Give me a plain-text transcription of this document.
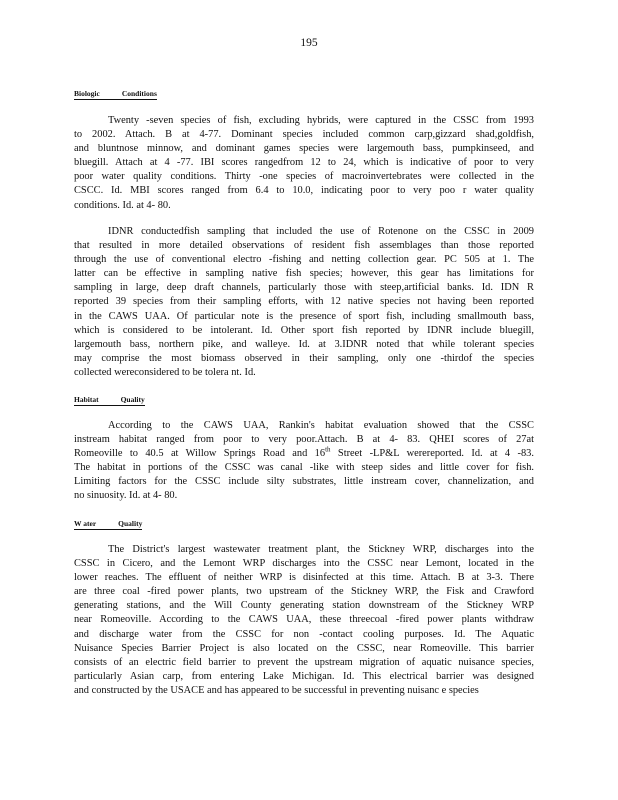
195
Biologic	Conditions

Twenty -seven species of fish, excluding hybrids, were captured in the CSSC from 1993
to 2002. Attach. B at 4-77. Dominant species included common carp,gizzard shad,goldfish,
and bluntnose minnow, and dominant games species were largemouth bass, pumpkinseed, and
bluegill. Attach at 4 -77. IBI scores rangedfrom 12 to 24, which is indicative of poor to very
poor water quality conditions. Thirty -one species of macroinvertebrates were collected in the
CSCC. Id. MBI scores ranged from 6.4 to 10.0, indicating poor to very poo r water quality
conditions. Id. at 4- 80.

IDNR conductedfish sampling that included the use of Rotenone on the CSSC in 2009
that resulted in more detailed observations of resident fish assemblages than those reported
through the use of conventional electro -fishing and netting collection gear. PC 505 at 1. The
latter can be effective in sampling native fish species; however, this gear has limitations for
sampling in large, deep draft channels, particularly those with steep,artificial banks. Id. IDN R
reported 39 species from their sampling efforts, with 12 native species not having been reported
in the CAWS UAA. Of particular note is the presence of sport fish, including smallmouth bass,
which is considered to be intolerant. Id. Other sport fish reported by IDNR include bluegill,
largemouth bass, northern pike, and walleye. Id. at 3.IDNR noted that while tolerant species
may comprise the most biomass observed in their sampling, only one -thirdof the species
collected wereconsidered to be tolera nt. Id.

Habitat	Quality

According to the CAWS UAA, Rankin's habitat evaluation showed that the CSSC
instream habitat ranged from poor to very poor.Attach. B at 4- 83. QHEI scores of 27at
Romeoville to 40.5 at Willow Springs Road and 16th Street -LP&L werereported. Id. at 4 -83.
The habitat in portions of the CSSC was canal -like with steep sides and little cover for fish.
Limiting factors for the CSSC include silty substrates, little instream cover, channelization, and
no sinuosity. Id. at 4- 80.

W ater	Quality

The District's largest wastewater treatment plant, the Stickney WRP, discharges into the
CSSC in Cicero, and the Lemont WRP discharges into the CSSC near Lemont, located in the
lower reaches. The effluent of neither WRP is disinfected at this time. Attach. B at 3-3. There
are three coal -fired power plants, two upstream of the Stickney WRP, the Fisk and Crawford
generating stations, and the Will County generating station downstream of the Stickney WRP
near Romeoville. According to the CAWS UAA, these threecoal -fired power plants withdraw
and discharge water from the CSSC for non -contact cooling purposes. Id. The Aquatic
Nuisance Species Barrier Project is also located on the CSSC, near Romeoville. This barrier
consists of an electric field barrier to prevent the upstream migration of aquatic nuisance species,
particularly Asian carp, from entering Lake Michigan. Id. This electrical barrier was designed
and constructed by the USACE and has appeared to be successful in preventing nuisanc e species
